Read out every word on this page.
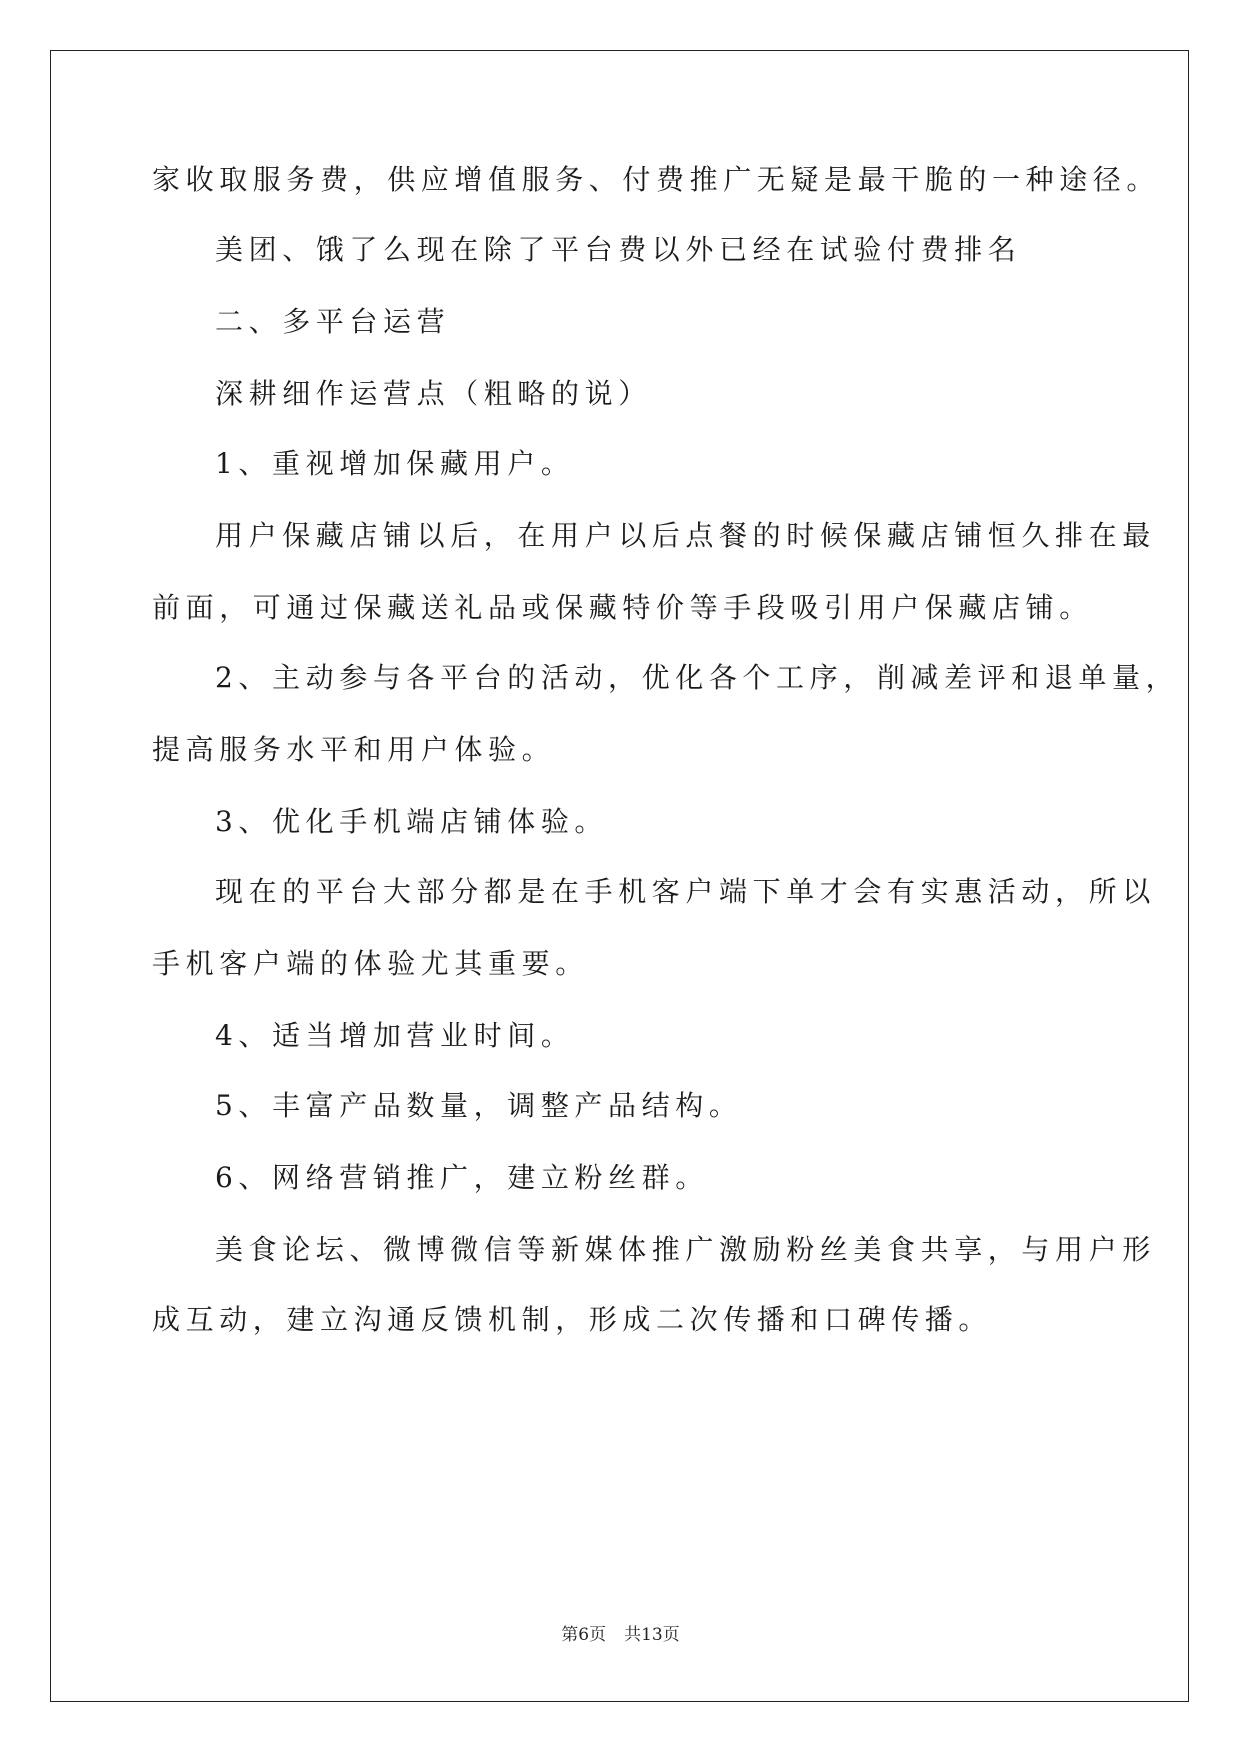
家收取服务费，供应增值服务、付费推广无疑是最干脆的一种途径。
美团、饿了么现在除了平台费以外已经在试验付费排名
二、多平台运营
深耕细作运营点（粗略的说）
1、重视增加保藏用户。
用户保藏店铺以后，在用户以后点餐的时候保藏店铺恒久排在最
前面，可通过保藏送礼品或保藏特价等手段吸引用户保藏店铺。
2、主动参与各平台的活动，优化各个工序，削减差评和退单量，
提高服务水平和用户体验。
3、优化手机端店铺体验。
现在的平台大部分都是在手机客户端下单才会有实惠活动，所以
手机客户端的体验尤其重要。
4、适当增加营业时间。
5、丰富产品数量，调整产品结构。
6、网络营销推广，建立粉丝群。
美食论坛、微博微信等新媒体推广激励粉丝美食共享，与用户形
成互动，建立沟通反馈机制，形成二次传播和口碑传播。
第6页 共13页
